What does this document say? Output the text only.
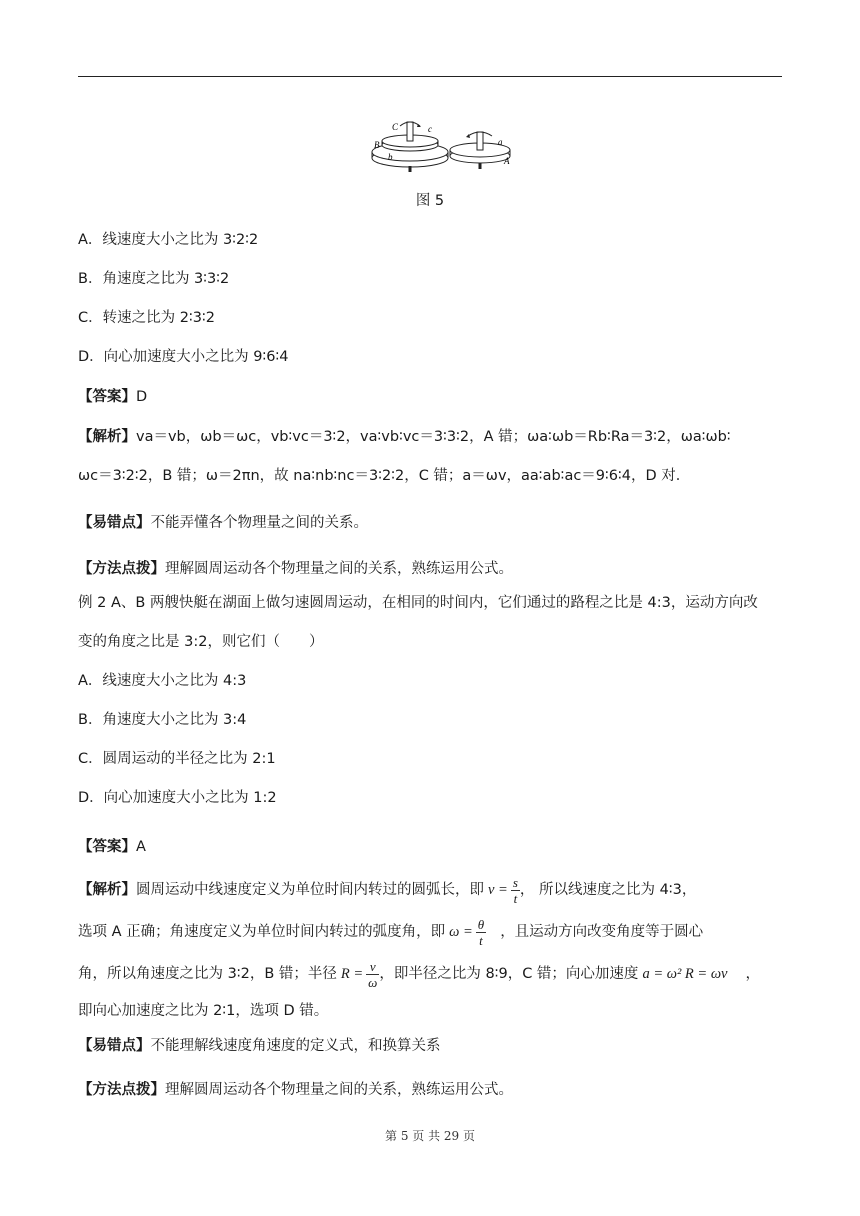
C	c
B
b
a
A
图 5
A．线速度大小之比为 3∶2∶2
B．角速度之比为 3∶3∶2
C．转速之比为 2∶3∶2
D．向心加速度大小之比为 9∶6∶4
【答案】D
【解析】va＝vb，ωb＝ωc，vb∶vc＝3∶2，va∶vb∶vc＝3∶3∶2，A 错；ωa∶ωb＝Rb∶Ra＝3∶2，ωa∶ωb∶
ωc＝3∶2∶2，B 错；ω＝2πn，故 na∶nb∶nc＝3∶2∶2，C 错；a＝ωv，aa∶ab∶ac＝9∶6∶4，D 对．
【易错点】不能弄懂各个物理量之间的关系。
【方法点拨】理解圆周运动各个物理量之间的关系，熟练运用公式。
例 2 A、B 两艘快艇在湖面上做匀速圆周运动，在相同的时间内，它们通过的路程之比是 4:3，运动方向改
变的角度之比是 3:2，则它们（　　）
A．线速度大小之比为 4:3
B．角速度大小之比为 3:4
C．圆周运动的半径之比为 2:1
D．向心加速度大小之比为 1:2
【答案】A
【解析】 圆周运动中线速度定义为单位时间内转过的圆弧长，即 $v = \frac{s}{t}$ ， 所以线速度之比为 4∶3，
选项 A 正确；角速度定义为单位时间内转过的弧度角，即 $\omega = \frac{\theta}{t}$ ，且运动方向改变角度等于圆心
角，所以角速度之比为 3∶2，B 错；半径 $R = \frac{v}{\omega}$ ，即半径之比为 8∶9，C 错；向心加速度 a = ω² R = ωv ，
即向心加速度之比为 2∶1，选项 D 错。
【易错点】不能理解线速度角速度的定义式，和换算关系
【方法点拨】理解圆周运动各个物理量之间的关系，熟练运用公式。
第 5 页 共 29 页
